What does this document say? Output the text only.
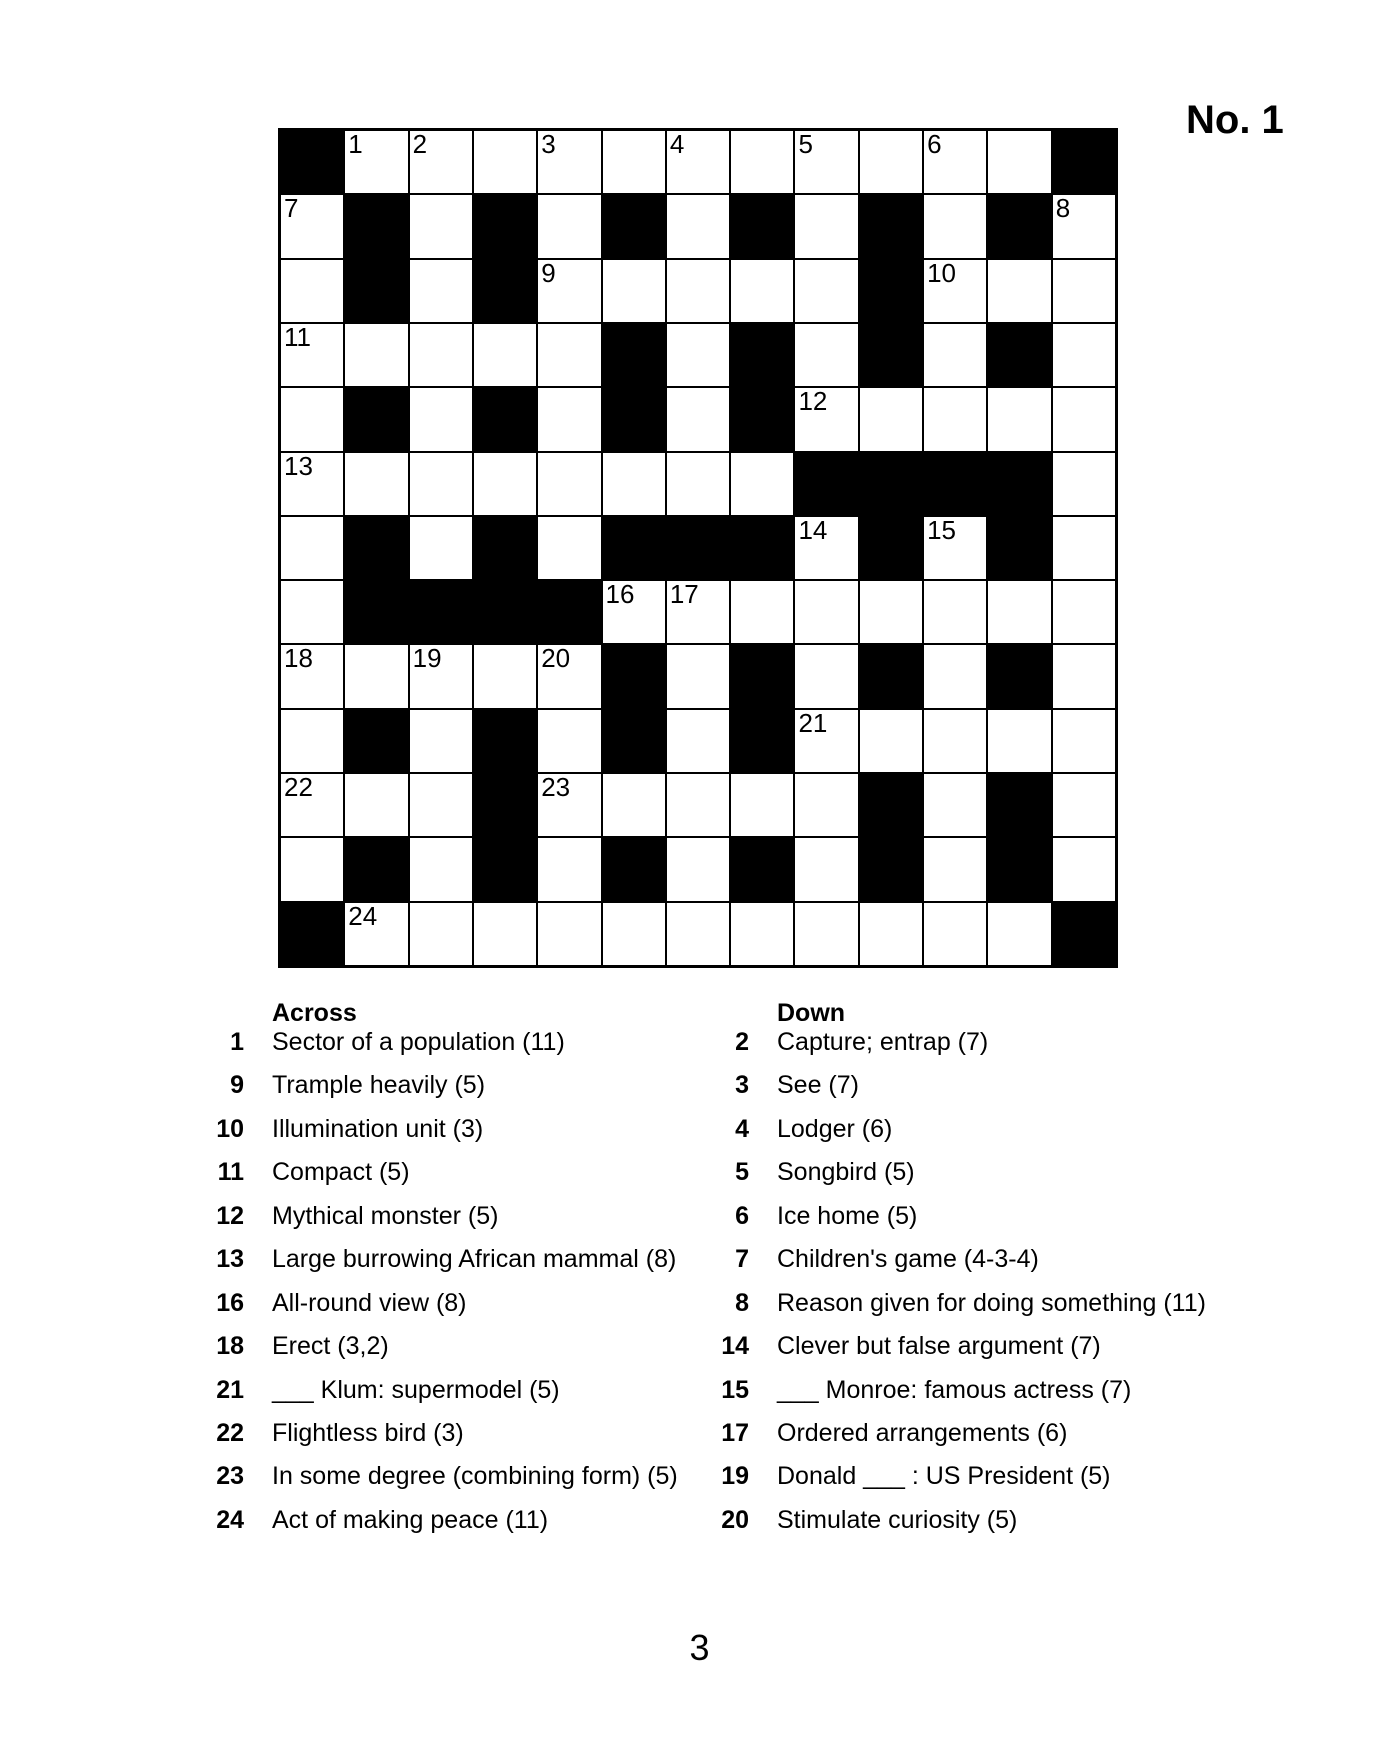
No. 1
1 2	3	4	5	6
7	8
9	10
11
12
13
14	15
16 17
18	19	20
21
22	23
24
Across
1 Sector of a population (11)
9 Trample heavily (5)
10 Illumination unit (3)
11 Compact (5)
12 Mythical monster (5)
13 Large burrowing African mammal (8)
16 All-round view (8)
18 Erect (3,2)
21 ___ Klum: supermodel (5)
22 Flightless bird (3)
23 In some degree (combining form) (5)
24 Act of making peace (11)
Down
2 Capture; entrap (7)
3 See (7)
4 Lodger (6)
5 Songbird (5)
6 Ice home (5)
7 Children's game (4-3-4)
8 Reason given for doing something (11)
14 Clever but false argument (7)
15 ___ Monroe: famous actress (7)
17 Ordered arrangements (6)
19 Donald ___ : US President (5)
20 Stimulate curiosity (5)
3
